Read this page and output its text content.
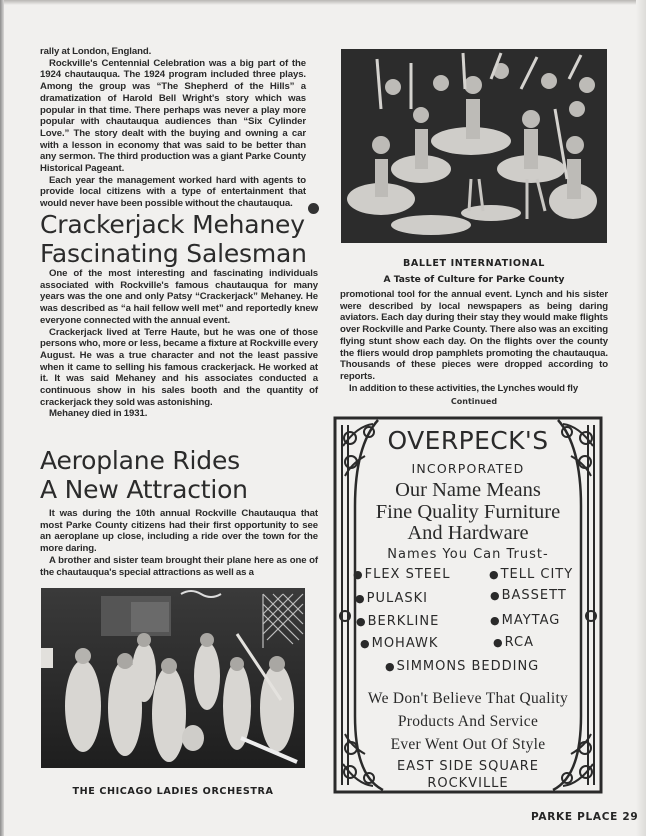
rally at London, England.

Rockville's Centennial Celebration was a big part of the 1924 chautauqua. The 1924 program included three plays. Among the group was “The Shepherd of the Hills” a dramatization of Harold Bell Wright's story which was popular in that time. There perhaps was never a play more popular with chautauqua audiences than “Six Cylinder Love.” The story dealt with the buying and owning a car with a lesson in economy that was said to be better than any sermon. The third production was a giant Parke County Historical Pageant.

Each year the management worked hard with agents to provide local citizens with a type of entertainment that would never have been possible without the chautauqua.

Crackerjack Mehaney
Fascinating Salesman

One of the most interesting and fascinating individuals associated with Rockville's famous chautauqua for many years was the one and only Patsy “Crackerjack” Mehaney. He was described as “a hail fellow well met” and reportedly knew everyone connected with the annual event.

Crackerjack lived at Terre Haute, but he was one of those persons who, more or less, became a fixture at Rockville every August. He was a true character and not the least passive when it came to selling his famous crackerjack. He worked at it. It was said Mehaney and his associates conducted a continuous show in his sales booth and the quantity of crackerjack they sold was astonishing.

Mehaney died in 1931.

Aeroplane Rides
A New Attraction

It was during the 10th annual Rockville Chautauqua that most Parke County citizens had their first opportunity to see an aeroplane up close, including a ride over the town for the more daring.

A brother and sister team brought their plane here as one of the chautauqua's special attractions as well as a

THE CHICAGO LADIES ORCHESTRA
BALLET INTERNATIONAL
A Taste of Culture for Parke County

promotional tool for the annual event. Lynch and his sister were described by local newspapers as being daring aviators. Each day during their stay they would make flights over Rockville and Parke County. There also was an exciting flying stunt show each day. On the flights over the county the fliers would drop pamphlets promoting the chautauqua. Thousands of these pieces were dropped according to reports.

In addition to these activities, the Lynches would fly

Continued
OVERPECK'S
INCORPORATED
Our Name Means
Fine Quality Furniture
And Hardware
Names You Can Trust-
●FLEX STEEL	●TELL CITY
●PULASKI	●BASSETT
●BERKLINE	●MAYTAG
●MOHAWK	●RCA
●SIMMONS BEDDING
We Don't Believe That Quality
Products And Service
Ever Went Out Of Style
EAST SIDE SQUARE
ROCKVILLE
PARKE PLACE 29
